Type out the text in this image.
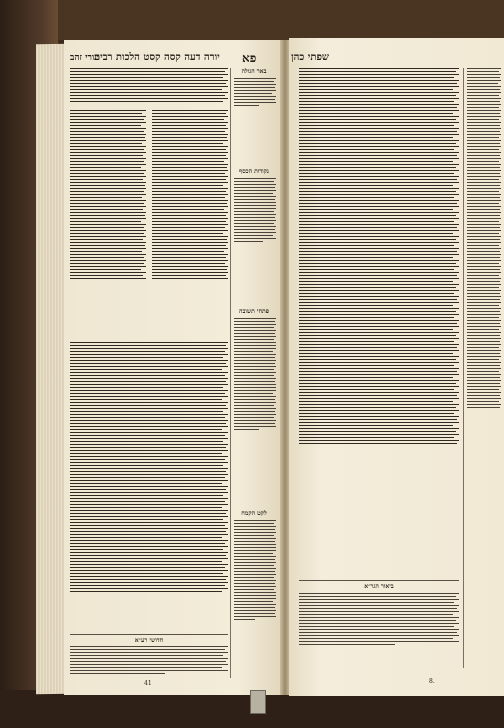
יורה דעה קסה קסט הלכות רבית
טורי זהב	פא
באר הגולה
חדושי רע״א
41
נקודות הכסף
פתחי תשובה
לקט הקמח
שפתי כהן
ביאור הגר״א
8.
